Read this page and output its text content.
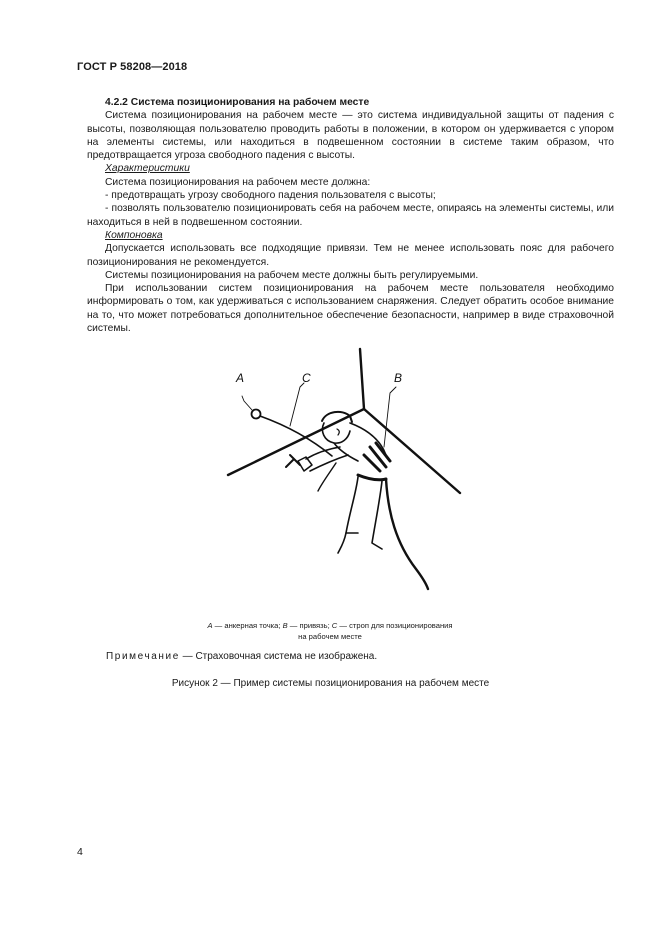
ГОСТ Р 58208—2018

4.2.2 Система позиционирования на рабочем месте

Система позиционирования на рабочем месте — это система индивидуальной защиты от падения с высоты, позволяющая пользователю проводить работы в положении, в котором он удерживается с упором на элементы системы, или находиться в подвешенном состоянии в системе таким образом, что предотвращается угроза свободного падения с высоты.

Характеристики

Система позиционирования на рабочем месте должна:

- предотвращать угрозу свободного падения пользователя с высоты;

- позволять пользователю позиционировать себя на рабочем месте, опираясь на элементы системы, или находиться в ней в подвешенном состоянии.

Компоновка

Допускается использовать все подходящие привязи. Тем не менее использовать пояс для рабочего позиционирования не рекомендуется.

Системы позиционирования на рабочем месте должны быть регулируемыми.

При использовании систем позиционирования на рабочем месте пользователя необходимо информировать о том, как удерживаться с использованием снаряжения. Следует обратить особое внимание на то, что может потребоваться дополнительное обеспечение безопасности, например в виде страховочной системы.

A	C	B
A — анкерная точка; B — привязь; C — строп для позиционирования
на рабочем месте
Примечание — Страховочная система не изображена.
Рисунок 2 — Пример системы позиционирования на рабочем месте
4
